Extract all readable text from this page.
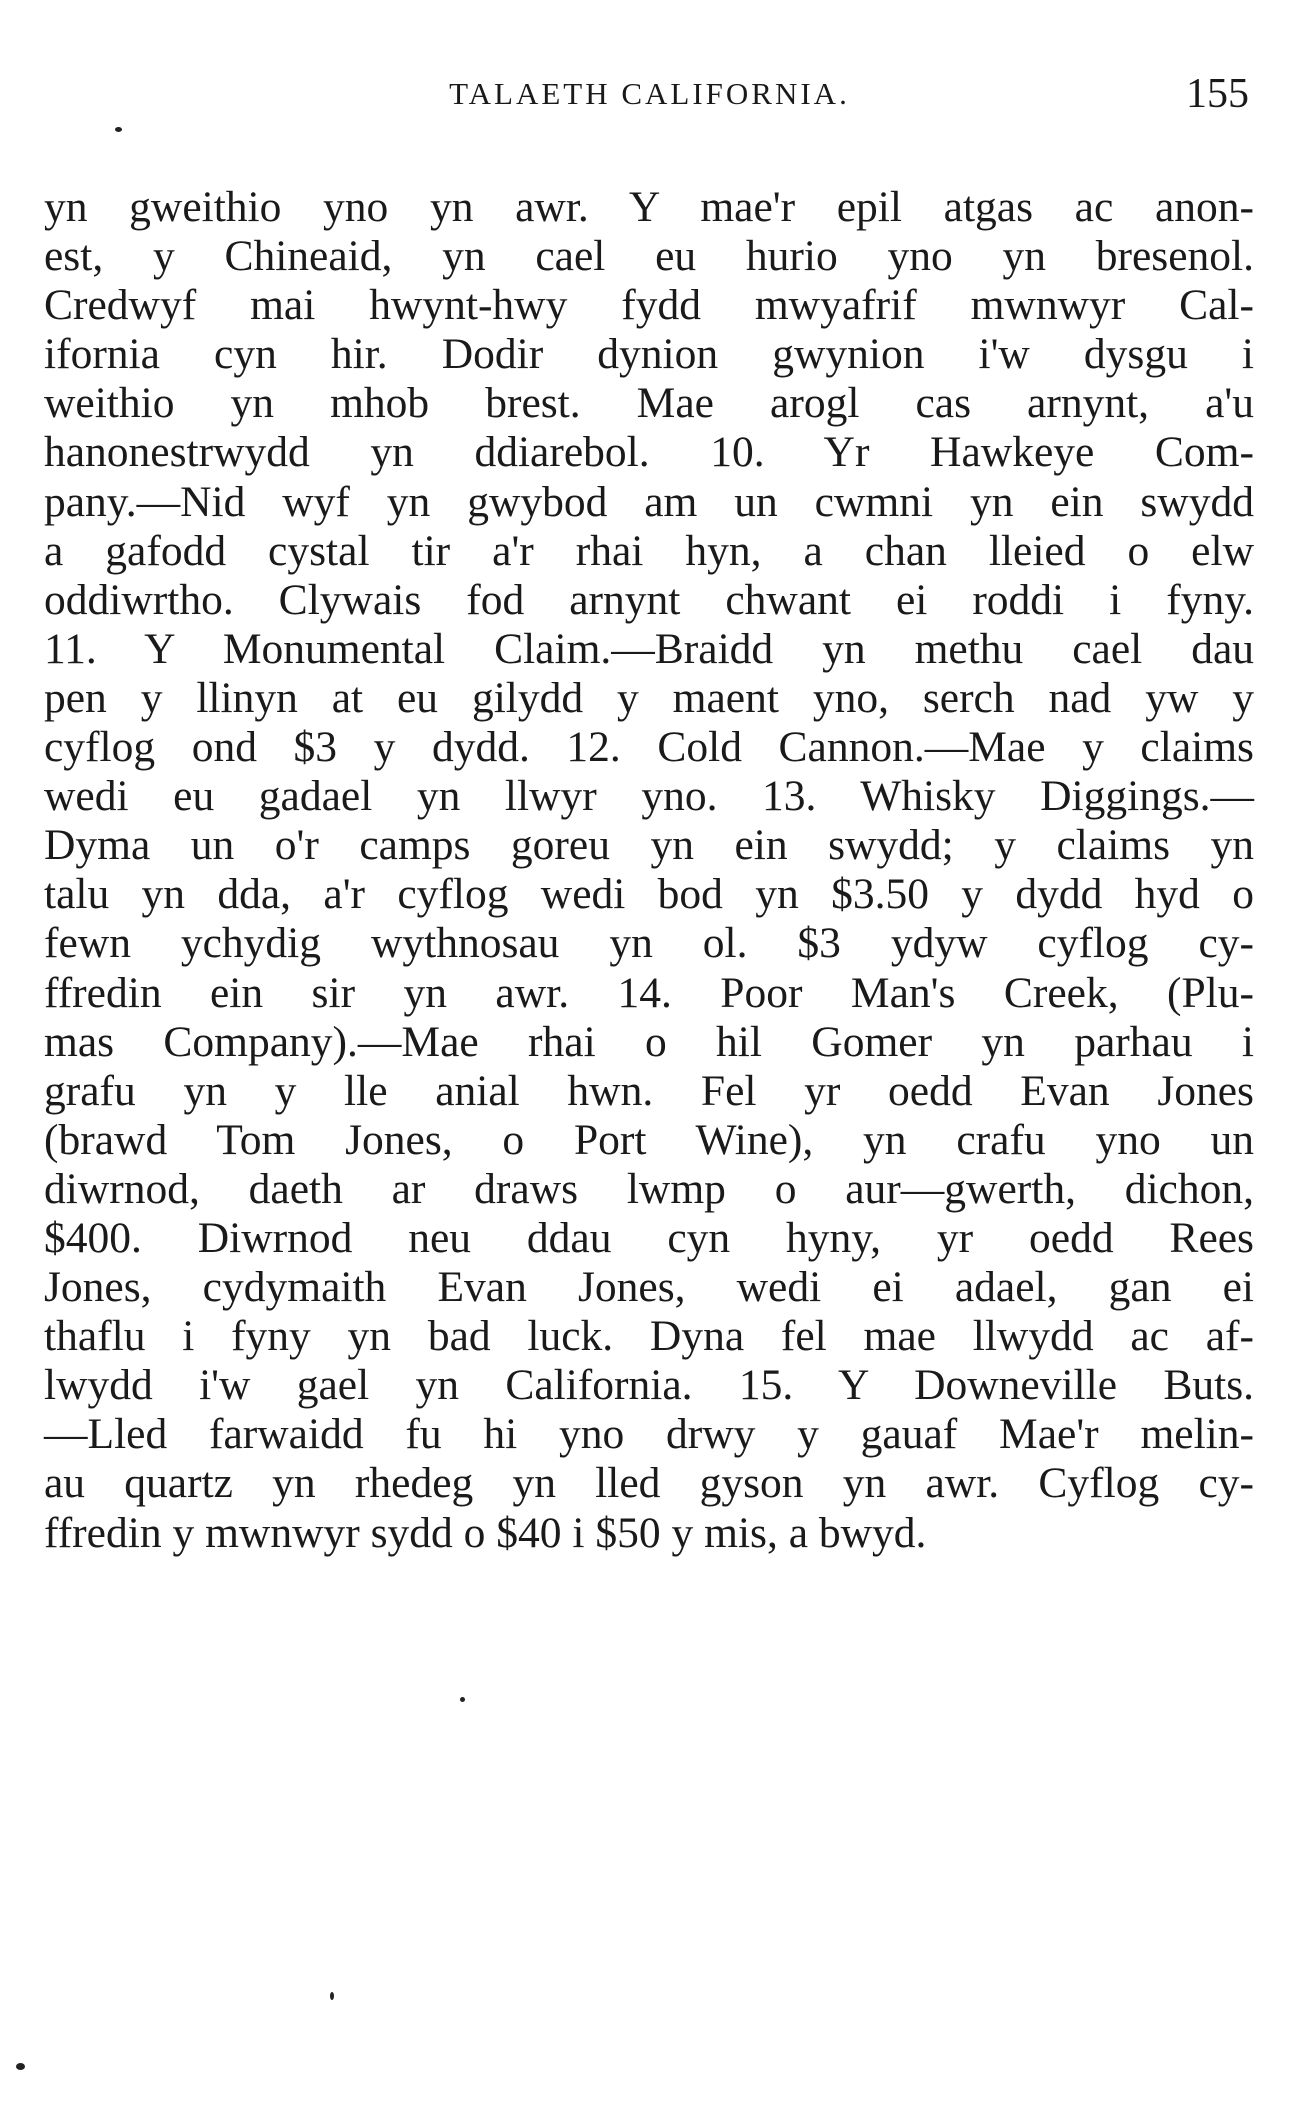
TALAETH CALIFORNIA.	155
yn gweithio yno yn awr. Y mae'r epil atgas ac anon-
est, y Chineaid, yn cael eu hurio yno yn bresenol.
Credwyf mai hwynt-hwy fydd mwyafrif mwnwyr Cal-
ifornia cyn hir. Dodir dynion gwynion i'w dysgu i
weithio yn mhob brest. Mae arogl cas arnynt, a'u
hanonestrwydd yn ddiarebol. 10. Yr Hawkeye Com-
pany.—Nid wyf yn gwybod am un cwmni yn ein swydd
a gafodd cystal tir a'r rhai hyn, a chan lleied o elw
oddiwrtho. Clywais fod arnynt chwant ei roddi i fyny.
11. Y Monumental Claim.—Braidd yn methu cael dau
pen y llinyn at eu gilydd y maent yno, serch nad yw y
cyflog ond $3 y dydd. 12. Cold Cannon.—Mae y claims
wedi eu gadael yn llwyr yno. 13. Whisky Diggings.—
Dyma un o'r camps goreu yn ein swydd; y claims yn
talu yn dda, a'r cyflog wedi bod yn $3.50 y dydd hyd o
fewn ychydig wythnosau yn ol. $3 ydyw cyflog cy-
ffredin ein sir yn awr. 14. Poor Man's Creek, (Plu-
mas Company).—Mae rhai o hil Gomer yn parhau i
grafu yn y lle anial hwn. Fel yr oedd Evan Jones
(brawd Tom Jones, o Port Wine), yn crafu yno un
diwrnod, daeth ar draws lwmp o aur—gwerth, dichon,
$400. Diwrnod neu ddau cyn hyny, yr oedd Rees
Jones, cydymaith Evan Jones, wedi ei adael, gan ei
thaflu i fyny yn bad luck. Dyna fel mae llwydd ac af-
lwydd i'w gael yn California. 15. Y Downeville Buts.
—Lled farwaidd fu hi yno drwy y gauaf Mae'r melin-
au quartz yn rhedeg yn lled gyson yn awr. Cyflog cy-
ffredin y mwnwyr sydd o $40 i $50 y mis, a bwyd.
